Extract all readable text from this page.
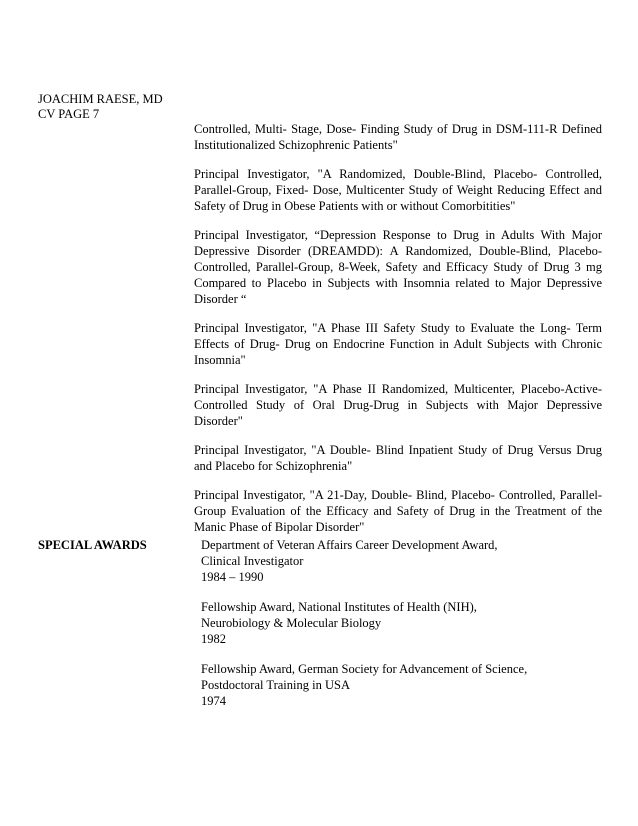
JOACHIM RAESE, MD
CV PAGE 7
Controlled, Multi- Stage, Dose- Finding Study of Drug in DSM-111-R Defined Institutionalized Schizophrenic Patients"
Principal Investigator, "A Randomized, Double-Blind, Placebo- Controlled, Parallel-Group, Fixed- Dose, Multicenter Study of Weight Reducing Effect and Safety of Drug in Obese Patients with or without Comorbitities"
Principal Investigator, “Depression Response to Drug in Adults With Major Depressive Disorder (DREAMDD): A Randomized, Double-Blind, Placebo-Controlled, Parallel-Group, 8-Week, Safety and Efficacy Study of Drug 3 mg Compared to Placebo in Subjects with Insomnia related to Major Depressive Disorder “
Principal Investigator, "A Phase III Safety Study to Evaluate the Long- Term Effects of Drug- Drug on Endocrine Function in Adult Subjects with Chronic Insomnia"
Principal Investigator, "A Phase II Randomized, Multicenter, Placebo-Active-Controlled Study of Oral Drug-Drug in Subjects with Major Depressive Disorder"
Principal Investigator, "A Double- Blind Inpatient Study of Drug Versus Drug and Placebo for Schizophrenia"
Principal Investigator, "A 21-Day, Double- Blind, Placebo- Controlled, Parallel-Group Evaluation of the Efficacy and Safety of Drug in the Treatment of the Manic Phase of Bipolar Disorder"
SPECIAL AWARDS	Department of Veteran Affairs Career Development Award,
Clinical Investigator
1984 – 1990
Fellowship Award, National Institutes of Health (NIH),
Neurobiology & Molecular Biology
1982
Fellowship Award, German Society for Advancement of Science,
Postdoctoral Training in USA
1974
